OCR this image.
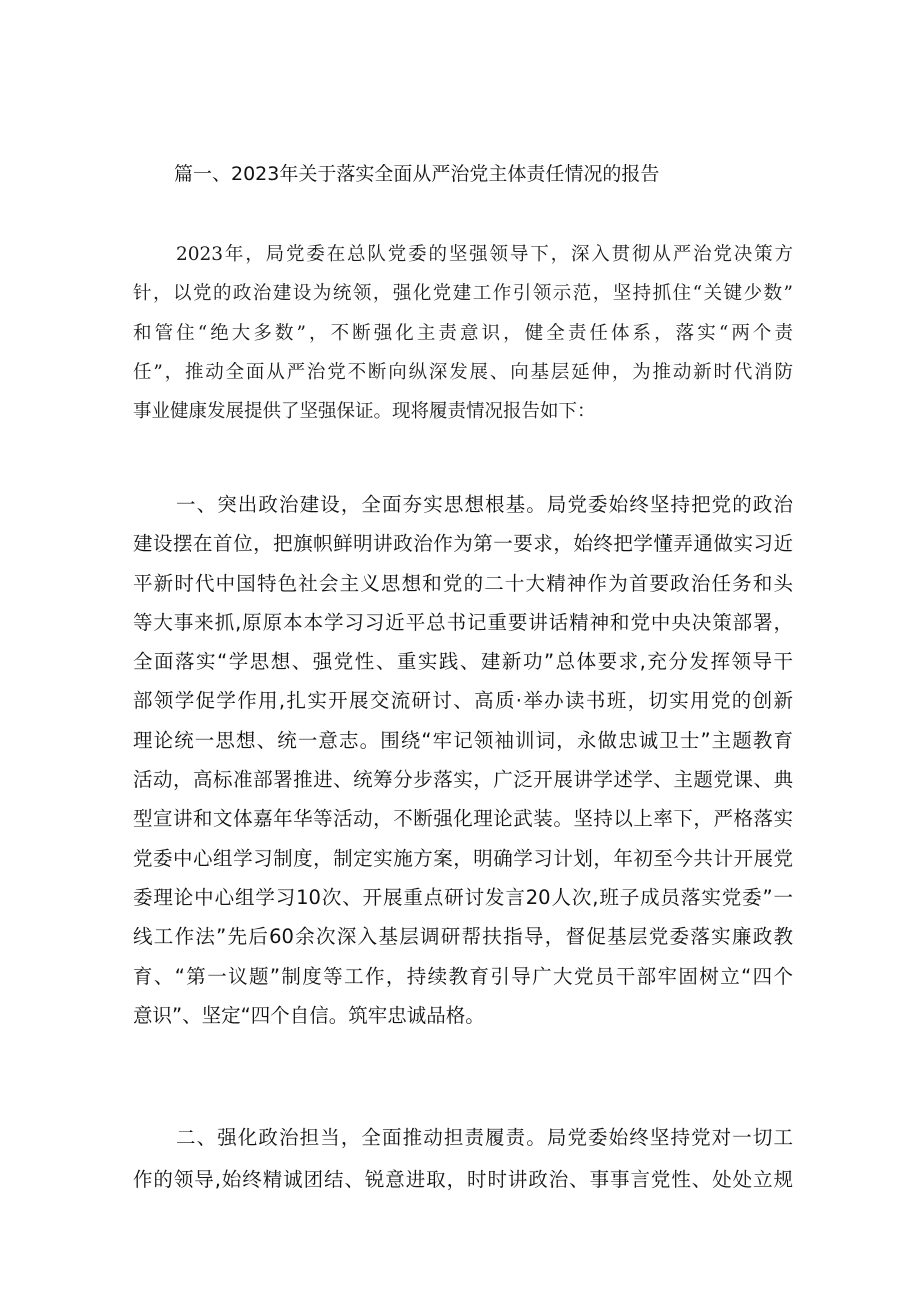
篇一、2023年关于落实全面从严治党主体责任情况的报告
2023年，局党委在总队党委的坚强领导下，深入贯彻从严治党决策方
针，以党的政治建设为统领，强化党建工作引领示范，坚持抓住“关键少数”
和管住“绝大多数”，不断强化主责意识，健全责任体系，落实“两个责
任”，推动全面从严治党不断向纵深发展、向基层延伸，为推动新时代消防
事业健康发展提供了坚强保证。现将履责情况报告如下：
一、突出政治建设，全面夯实思想根基。局党委始终坚持把党的政治
建设摆在首位，把旗帜鲜明讲政治作为第一要求，始终把学懂弄通做实习近
平新时代中国特色社会主义思想和党的二十大精神作为首要政治任务和头
等大事来抓,原原本本学习习近平总书记重要讲话精神和党中央决策部署，
全面落实“学思想、强党性、重实践、建新功”总体要求,充分发挥领导干
部领学促学作用,扎实开展交流研讨、高质·举办读书班，切实用党的创新
理论统一思想、统一意志。围绕“牢记领袖训词，永做忠诚卫士”主题教育
活动，高标准部署推进、统筹分步落实，广泛开展讲学述学、主题党课、典
型宣讲和文体嘉年华等活动，不断强化理论武装。坚持以上率下，严格落实
党委中心组学习制度，制定实施方案，明确学习计划，年初至今共计开展党
委理论中心组学习10次、开展重点研讨发言20人次,班子成员落实党委”一
线工作法”先后60余次深入基层调研帮扶指导，督促基层党委落实廉政教
育、“第一议题”制度等工作，持续教育引导广大党员干部牢固树立“四个
意识”、坚定“四个自信。筑牢忠诚品格。
二、强化政治担当，全面推动担责履责。局党委始终坚持党对一切工
作的领导,始终精诚团结、锐意进取，时时讲政治、事事言党性、处处立规
